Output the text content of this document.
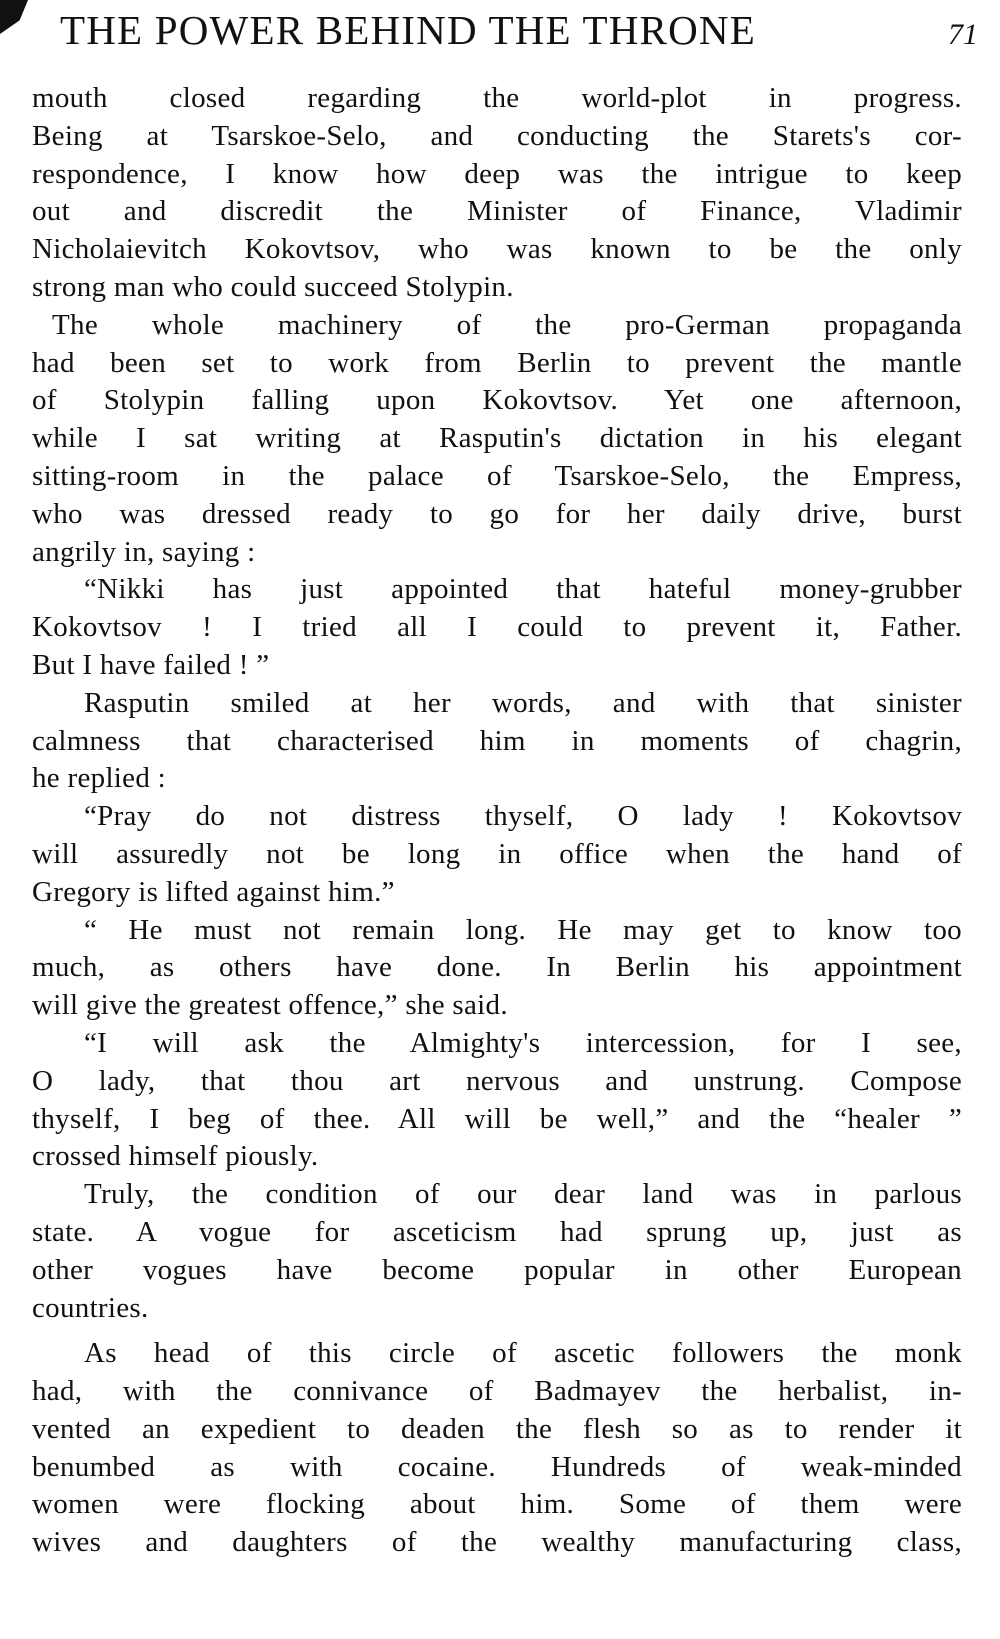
THE POWER BEHIND THE THRONE	71
mouth closed regarding the world-plot in progress.
Being at Tsarskoe-Selo, and conducting the Starets's cor-
respondence, I know how deep was the intrigue to keep
out and discredit the Minister of Finance, Vladimir
Nicholaievitch Kokovtsov, who was known to be the only
strong man who could succeed Stolypin.
The whole machinery of the pro-German propaganda
had been set to work from Berlin to prevent the mantle
of Stolypin falling upon Kokovtsov. Yet one afternoon,
while I sat writing at Rasputin's dictation in his elegant
sitting-room in the palace of Tsarskoe-Selo, the Empress,
who was dressed ready to go for her daily drive, burst
angrily in, saying :
“Nikki has just appointed that hateful money-grubber
Kokovtsov ! I tried all I could to prevent it, Father.
But I have failed ! ”
Rasputin smiled at her words, and with that sinister
calmness that characterised him in moments of chagrin,
he replied :
“Pray do not distress thyself, O lady ! Kokovtsov
will assuredly not be long in office when the hand of
Gregory is lifted against him.”
“ He must not remain long. He may get to know too
much, as others have done. In Berlin his appointment
will give the greatest offence,” she said.
“I will ask the Almighty's intercession, for I see,
O lady, that thou art nervous and unstrung. Compose
thyself, I beg of thee. All will be well,” and the “healer ”
crossed himself piously.
Truly, the condition of our dear land was in parlous
state. A vogue for asceticism had sprung up, just as
other vogues have become popular in other European
countries.
As head of this circle of ascetic followers the monk
had, with the connivance of Badmayev the herbalist, in-
vented an expedient to deaden the flesh so as to render it
benumbed as with cocaine. Hundreds of weak-minded
women were flocking about him. Some of them were
wives and daughters of the wealthy manufacturing class,
